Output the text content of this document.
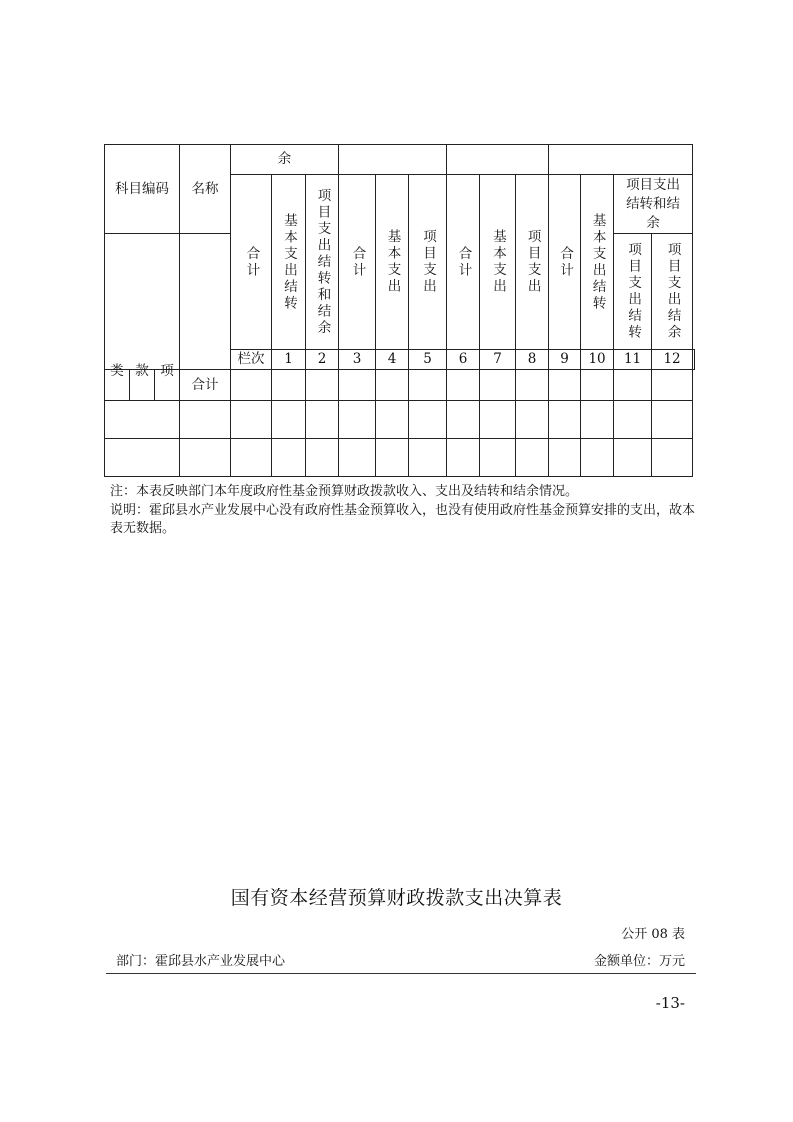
科目编码			名称	余													
				合计	基本支出结转	项目支出结转和结余	合计	基本支出	项目支出	合计	基本支出	项目支出	合计	基本支出结转	项目支出结转和结余		
															项目支出结转	项目支出结余	
				栏次	1	2	3	4	5	6	7	8	9	10	11	12	
类	款	项	合计														

注：本表反映部门本年度政府性基金预算财政拨款收入、支出及结转和结余情况。

说明：霍邱县水产业发展中心没有政府性基金预算收入，也没有使用政府性基金预算安排的支出，故本表无数据。

国有资本经营预算财政拨款支出决算表
公开 08 表
部门：霍邱县水产业发展中心	金额单位：万元
-13-
